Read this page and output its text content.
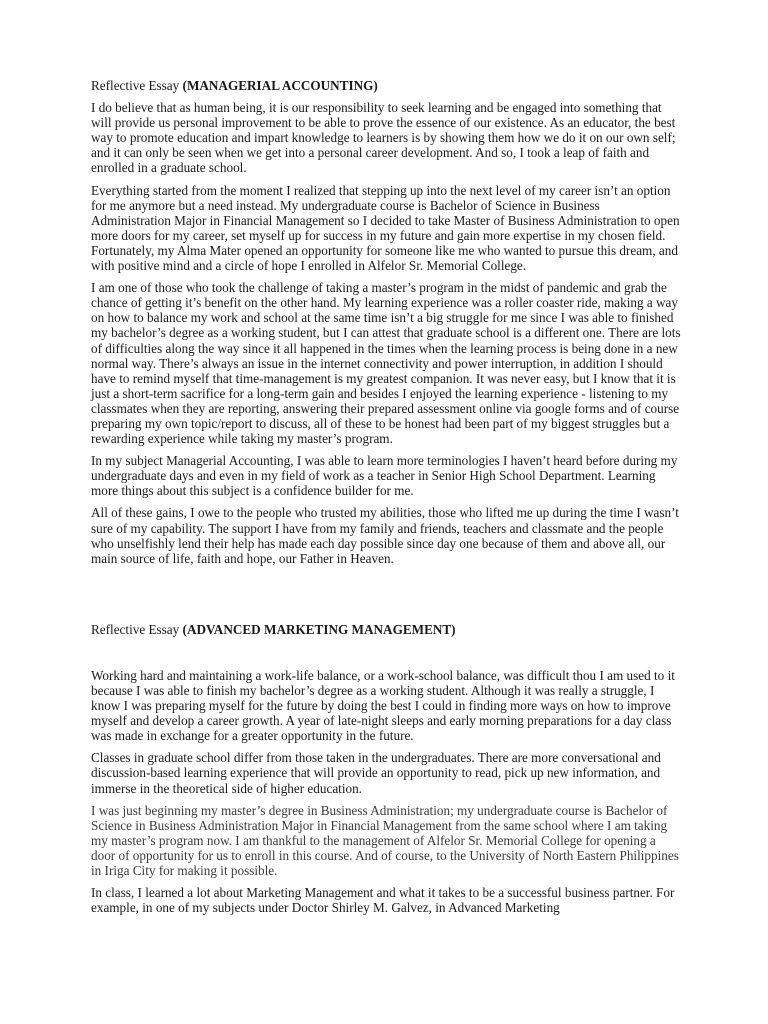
Reflective Essay (MANAGERIAL ACCOUNTING)

I do believe that as human being, it is our responsibility to seek learning and be engaged into something that will provide us personal improvement to be able to prove the essence of our existence. As an educator, the best way to promote education and impart knowledge to learners is by showing them how we do it on our own self; and it can only be seen when we get into a personal career development. And so, I took a leap of faith and enrolled in a graduate school.

Everything started from the moment I realized that stepping up into the next level of my career isn’t an option for me anymore but a need instead. My undergraduate course is Bachelor of Science in Business Administration Major in Financial Management so I decided to take Master of Business Administration to open more doors for my career, set myself up for success in my future and gain more expertise in my chosen field. Fortunately, my Alma Mater opened an opportunity for someone like me who wanted to pursue this dream, and with positive mind and a circle of hope I enrolled in Alfelor Sr. Memorial College.

I am one of those who took the challenge of taking a master’s program in the midst of pandemic and grab the chance of getting it’s benefit on the other hand. My learning experience was a roller coaster ride, making a way on how to balance my work and school at the same time isn’t a big struggle for me since I was able to finished my bachelor’s degree as a working student, but I can attest that graduate school is a different one. There are lots of difficulties along the way since it all happened in the times when the learning process is being done in a new normal way. There’s always an issue in the internet connectivity and power interruption, in addition I should have to remind myself that time-management is my greatest companion. It was never easy, but I know that it is just a short-term sacrifice for a long-term gain and besides I enjoyed the learning experience - listening to my classmates when they are reporting, answering their prepared assessment online via google forms and of course preparing my own topic/report to discuss, all of these to be honest had been part of my biggest struggles but a rewarding experience while taking my master’s program.

In my subject Managerial Accounting, I was able to learn more terminologies I haven’t heard before during my undergraduate days and even in my field of work as a teacher in Senior High School Department. Learning more things about this subject is a confidence builder for me.

All of these gains, I owe to the people who trusted my abilities, those who lifted me up during the time I wasn’t sure of my capability. The support I have from my family and friends, teachers and classmate and the people who unselfishly lend their help has made each day possible since day one because of them and above all, our main source of life, faith and hope, our Father in Heaven.

Reflective Essay (ADVANCED MARKETING MANAGEMENT)

Working hard and maintaining a work-life balance, or a work-school balance, was difficult thou I am used to it because I was able to finish my bachelor’s degree as a working student. Although it was really a struggle, I know I was preparing myself for the future by doing the best I could in finding more ways on how to improve myself and develop a career growth. A year of late-night sleeps and early morning preparations for a day class was made in exchange for a greater opportunity in the future.

Classes in graduate school differ from those taken in the undergraduates. There are more conversational and discussion-based learning experience that will provide an opportunity to read, pick up new information, and immerse in the theoretical side of higher education.

I was just beginning my master’s degree in Business Administration; my undergraduate course is Bachelor of Science in Business Administration Major in Financial Management from the same school where I am taking my master’s program now. I am thankful to the management of Alfelor Sr. Memorial College for opening a door of opportunity for us to enroll in this course. And of course, to the University of North Eastern Philippines in Iriga City for making it possible.

In class, I learned a lot about Marketing Management and what it takes to be a successful business partner. For example, in one of my subjects under Doctor Shirley M. Galvez, in Advanced Marketing
